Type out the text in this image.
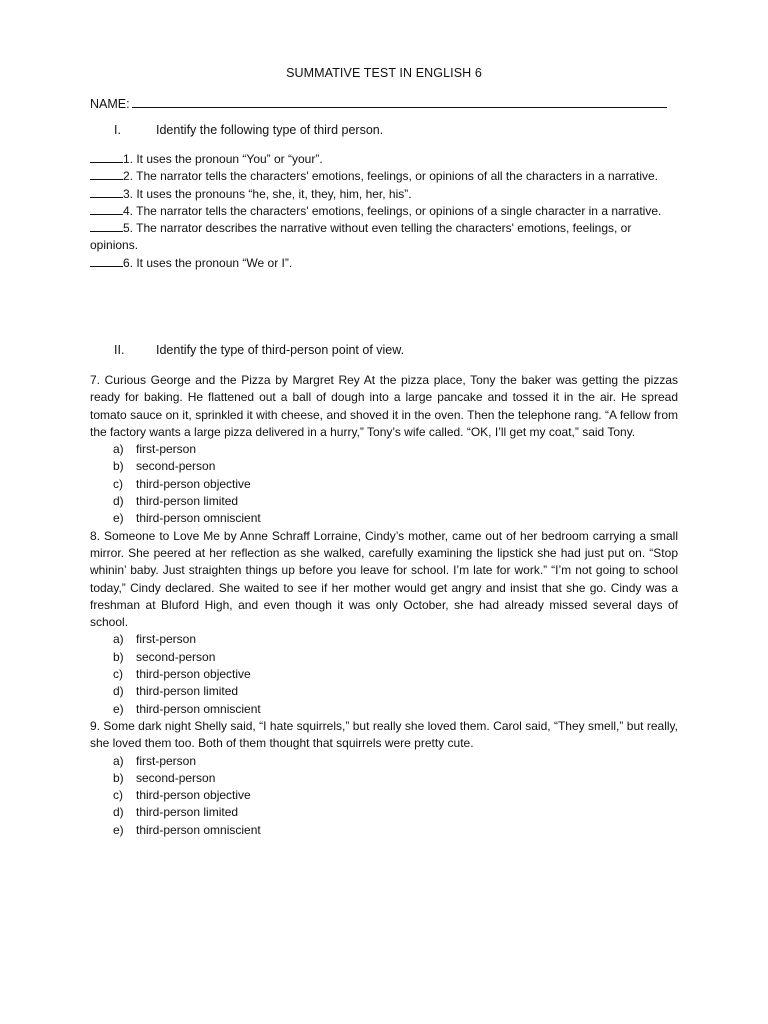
SUMMATIVE TEST IN ENGLISH 6
NAME:
I.	Identify the following type of third person.
1. It uses the pronoun “You” or “your”.
2. The narrator tells the characters' emotions, feelings, or opinions of all the characters in a narrative.
3. It uses the pronouns “he, she, it, they, him, her, his”.
4. The narrator tells the characters' emotions, feelings, or opinions of a single character in a narrative.
5. The narrator describes the narrative without even telling the characters' emotions, feelings, or opinions.
6. It uses the pronoun “We or I”.
II.	Identify the type of third-person point of view.
7. Curious George and the Pizza by Margret Rey At the pizza place, Tony the baker was getting the pizzas ready for baking. He flattened out a ball of dough into a large pancake and tossed it in the air. He spread tomato sauce on it, sprinkled it with cheese, and shoved it in the oven. Then the telephone rang. “A fellow from the factory wants a large pizza delivered in a hurry,” Tony’s wife called. “OK, I’ll get my coat,” said Tony.
a)	first-person
b)	second-person
c)	third-person objective
d)	third-person limited
e)	third-person omniscient
8. Someone to Love Me by Anne Schraff Lorraine, Cindy’s mother, came out of her bedroom carrying a small mirror. She peered at her reflection as she walked, carefully examining the lipstick she had just put on. “Stop whinin’ baby. Just straighten things up before you leave for school. I’m late for work.” “I’m not going to school today,” Cindy declared. She waited to see if her mother would get angry and insist that she go. Cindy was a freshman at Bluford High, and even though it was only October, she had already missed several days of school.
a)	first-person
b)	second-person
c)	third-person objective
d)	third-person limited
e)	third-person omniscient
9. Some dark night Shelly said, “I hate squirrels,” but really she loved them. Carol said, “They smell,” but really, she loved them too. Both of them thought that squirrels were pretty cute.
a)	first-person
b)	second-person
c)	third-person objective
d)	third-person limited
e)	third-person omniscient
